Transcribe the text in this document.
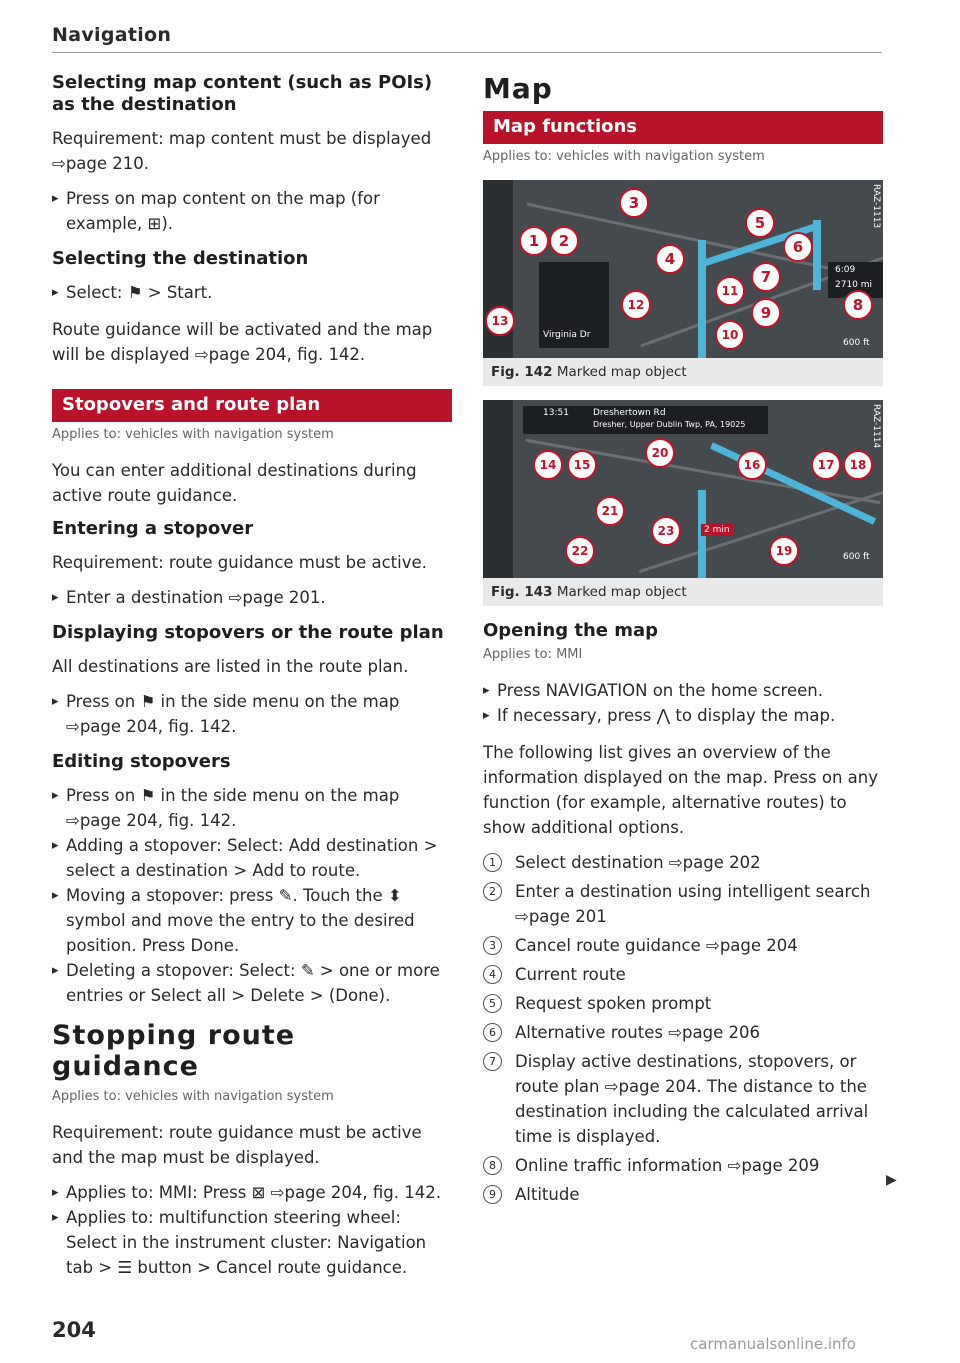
Navigation
Selecting map content (such as POIs) as the destination

Requirement: map content must be displayed ⇨page 210.

▸ Press on map content on the map (for example, ⊞).
Selecting the destination
▸ Select: ⚑ > Start.

Route guidance will be activated and the map will be displayed ⇨page 204, fig. 142.

Stopovers and route plan
Applies to: vehicles with navigation system

You can enter additional destinations during active route guidance.

Entering a stopover

Requirement: route guidance must be active.

▸ Enter a destination ⇨page 201.
Displaying stopovers or the route plan

All destinations are listed in the route plan.

▸ Press on ⚑ in the side menu on the map ⇨page 204, fig. 142.
Editing stopovers
▸ Press on ⚑ in the side menu on the map ⇨page 204, fig. 142.
▸ Adding a stopover: Select: Add destination > select a destination > Add to route.
▸ Moving a stopover: press ✎. Touch the ⬍ symbol and move the entry to the desired position. Press Done.
▸ Deleting a stopover: Select: ✎ > one or more entries or Select all > Delete > (Done).
Stopping route guidance
Applies to: vehicles with navigation system

Requirement: route guidance must be active and the map must be displayed.

▸ Applies to: MMI: Press ⊠ ⇨page 204, fig. 142.
▸ Applies to: multifunction steering wheel: Select in the instrument cluster: Navigation tab > ☰ button > Cancel route guidance.
Map
Map functions
Applies to: vehicles with navigation system
Virginia Dr
6:09
2710 mi
600 ft
RAZ-1113
1	2
3
4
5
6
7
8
9
10
11
12
13
Fig. 142 Marked map object
13:51	Dreshertown Rd
Dresher, Upper Dublin Twp, PA, 19025
2 min
600 ft
RAZ-1114
14	15
20
16	17	18
21
23
22	19
Fig. 143 Marked map object
Opening the map
Applies to: MMI
▸ Press NAVIGATION on the home screen.
▸ If necessary, press ⋀ to display the map.

The following list gives an overview of the information displayed on the map. Press on any function (for example, alternative routes) to show additional options.

1	Select destination ⇨page 202
2	Enter a destination using intelligent search ⇨page 201
3	Cancel route guidance ⇨page 204
4	Current route
5	Request spoken prompt
6	Alternative routes ⇨page 206
7	Display active destinations, stopovers, or route plan ⇨page 204. The distance to the destination including the calculated arrival time is displayed.
8	Online traffic information ⇨page 209
9	Altitude
▶
204
carmanualsonline.info
